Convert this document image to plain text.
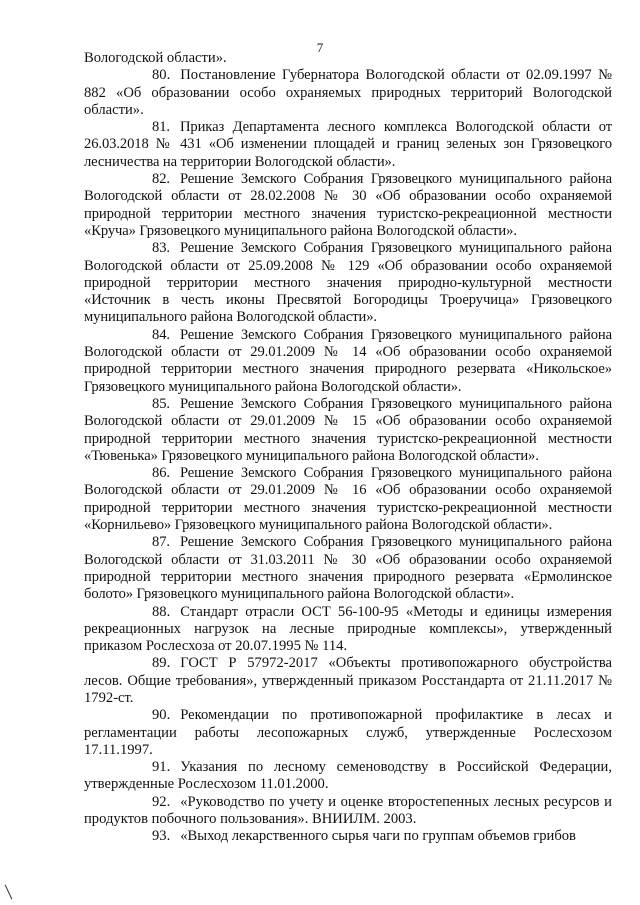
7

Вологодской области».

80. Постановление Губернатора Вологодской области от 02.09.1997 № 882 «Об образовании особо охраняемых природных территорий Вологодской области».

81. Приказ Департамента лесного комплекса Вологодской области от 26.03.2018 № 431 «Об изменении площадей и границ зеленых зон Грязовецкого лесничества на территории Вологодской области».

82. Решение Земского Собрания Грязовецкого муниципального района Вологодской области от 28.02.2008 № 30 «Об образовании особо охраняемой природной территории местного значения туристско-рекреационной местности «Круча» Грязовецкого муниципального района Вологодской области».

83. Решение Земского Собрания Грязовецкого муниципального района Вологодской области от 25.09.2008 № 129 «Об образовании особо охраняемой природной территории местного значения природно-культурной местности «Источник в честь иконы Пресвятой Богородицы Троеручица» Грязовецкого муниципального района Вологодской области».

84. Решение Земского Собрания Грязовецкого муниципального района Вологодской области от 29.01.2009 № 14 «Об образовании особо охраняемой природной территории местного значения природного резервата «Никольское» Грязовецкого муниципального района Вологодской области».

85. Решение Земского Собрания Грязовецкого муниципального района Вологодской области от 29.01.2009 № 15 «Об образовании особо охраняемой природной территории местного значения туристско-рекреационной местности «Тювенька» Грязовецкого муниципального района Вологодской области».

86. Решение Земского Собрания Грязовецкого муниципального района Вологодской области от 29.01.2009 № 16 «Об образовании особо охраняемой природной территории местного значения туристско-рекреационной местности «Корнильево» Грязовецкого муниципального района Вологодской области».

87. Решение Земского Собрания Грязовецкого муниципального района Вологодской области от 31.03.2011 № 30 «Об образовании особо охраняемой природной территории местного значения природного резервата «Ермолинское болото» Грязовецкого муниципального района Вологодской области».

88. Стандарт отрасли ОСТ 56-100-95 «Методы и единицы измерения рекреационных нагрузок на лесные природные комплексы», утвержденный приказом Рослесхоза от 20.07.1995 № 114.

89. ГОСТ Р 57972-2017 «Объекты противопожарного обустройства лесов. Общие требования», утвержденный приказом Росстандарта от 21.11.2017 № 1792-ст.

90. Рекомендации по противопожарной профилактике в лесах и регламентации работы лесопожарных служб, утвержденные Рослесхозом 17.11.1997.

91. Указания по лесному семеноводству в Российской Федерации, утвержденные Рослесхозом 11.01.2000.

92. «Руководство по учету и оценке второстепенных лесных ресурсов и продуктов побочного пользования». ВНИИЛМ. 2003.

93. «Выход лекарственного сырья чаги по группам объемов грибов
